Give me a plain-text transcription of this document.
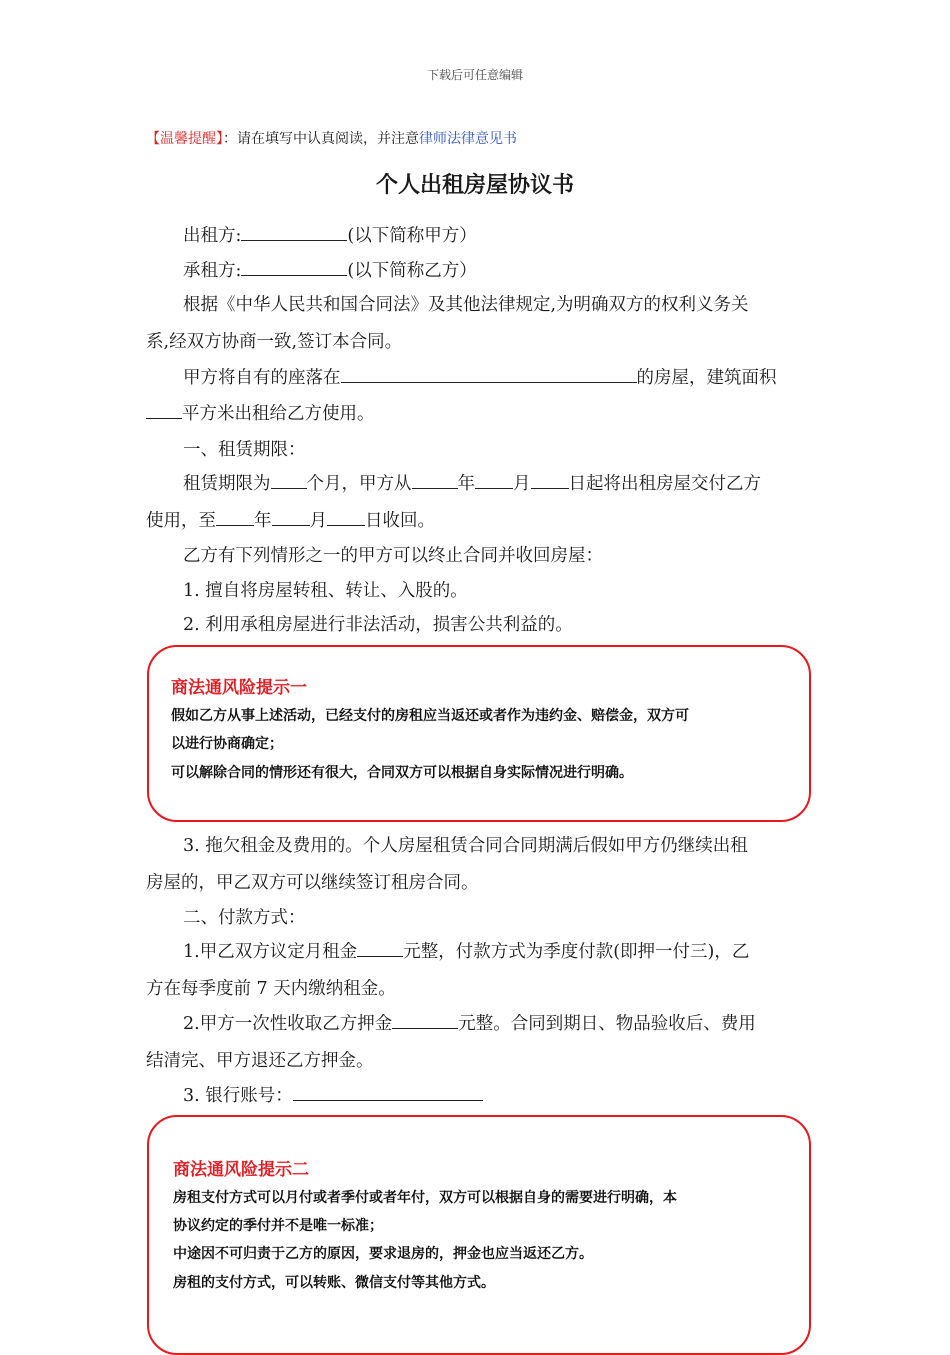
下载后可任意编辑
【温馨提醒】：请在填写中认真阅读，并注意律师法律意见书
个人出租房屋协议书
出租方:	(以下简称甲方）
承租方:	(以下简称乙方）
根据《中华人民共和国合同法》及其他法律规定,为明确双方的权利义务关
系,经双方协商一致,签订本合同。
甲方将自有的座落在	的房屋，建筑面积
平方米出租给乙方使用。
一、租赁期限：
租赁期限为 个月，甲方从	年 月 日起将出租房屋交付乙方
使用，至 年 月 日收回。
乙方有下列情形之一的甲方可以终止合同并收回房屋：
1. 擅自将房屋转租、转让、入股的。
2. 利用承租房屋进行非法活动，损害公共利益的。
商法通风险提示一
假如乙方从事上述活动，已经支付的房租应当返还或者作为违约金、赔偿金，双方可
以进行协商确定；
可以解除合同的情形还有很大，合同双方可以根据自身实际情况进行明确。
3. 拖欠租金及费用的。个人房屋租赁合同合同期满后假如甲方仍继续出租
房屋的，甲乙双方可以继续签订租房合同。
二、付款方式：
1.甲乙双方议定月租金	元整，付款方式为季度付款(即押一付三)，乙
方在每季度前 7 天内缴纳租金。
2.甲方一次性收取乙方押金	元整。合同到期日、物品验收后、费用
结清完、甲方退还乙方押金。
3. 银行账号：
商法通风险提示二
房租支付方式可以月付或者季付或者年付，双方可以根据自身的需要进行明确，本
协议约定的季付并不是唯一标准；
中途因不可归责于乙方的原因，要求退房的，押金也应当返还乙方。
房租的支付方式，可以转账、微信支付等其他方式。
